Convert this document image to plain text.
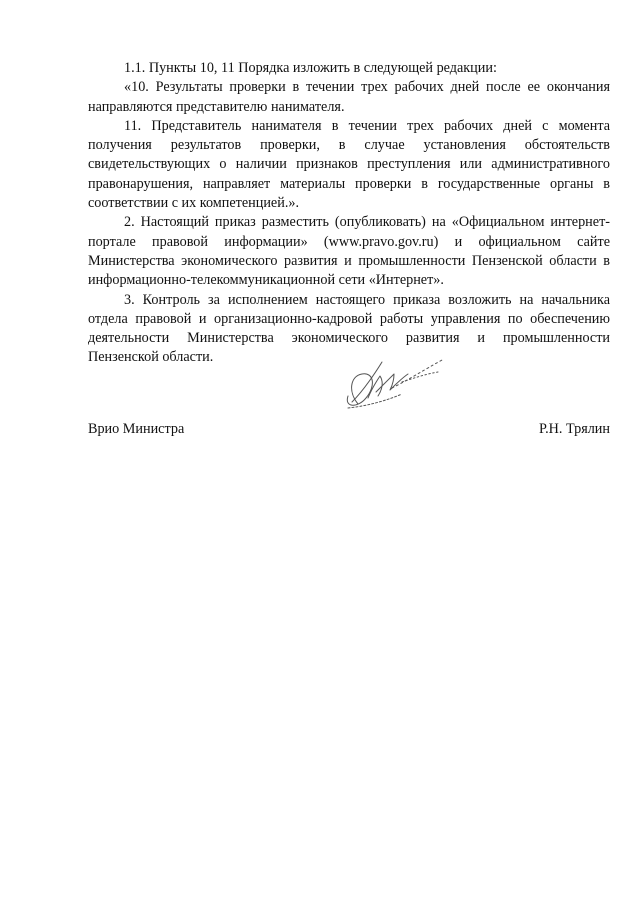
1.1. Пункты 10, 11 Порядка изложить в следующей редакции:

«10. Результаты проверки в течении трех рабочих дней после ее окончания направляются представителю нанимателя.

11. Представитель нанимателя в течении трех рабочих дней с момента получения результатов проверки, в случае установления обстоятельств свидетельствующих о наличии признаков преступления или административного правонарушения, направляет материалы проверки в государственные органы в соответствии с их компетенцией.».

2. Настоящий приказ разместить (опубликовать) на «Официальном интернет-портале правовой информации» (www.pravo.gov.ru) и официальном сайте Министерства экономического развития и промышленности Пензенской области в информационно-телекоммуникационной сети «Интернет».

3. Контроль за исполнением настоящего приказа возложить на начальника отдела правовой и организационно-кадровой работы управления по обеспечению деятельности Министерства экономического развития и промышленности Пензенской области.

Врио Министра	Р.Н. Трялин
